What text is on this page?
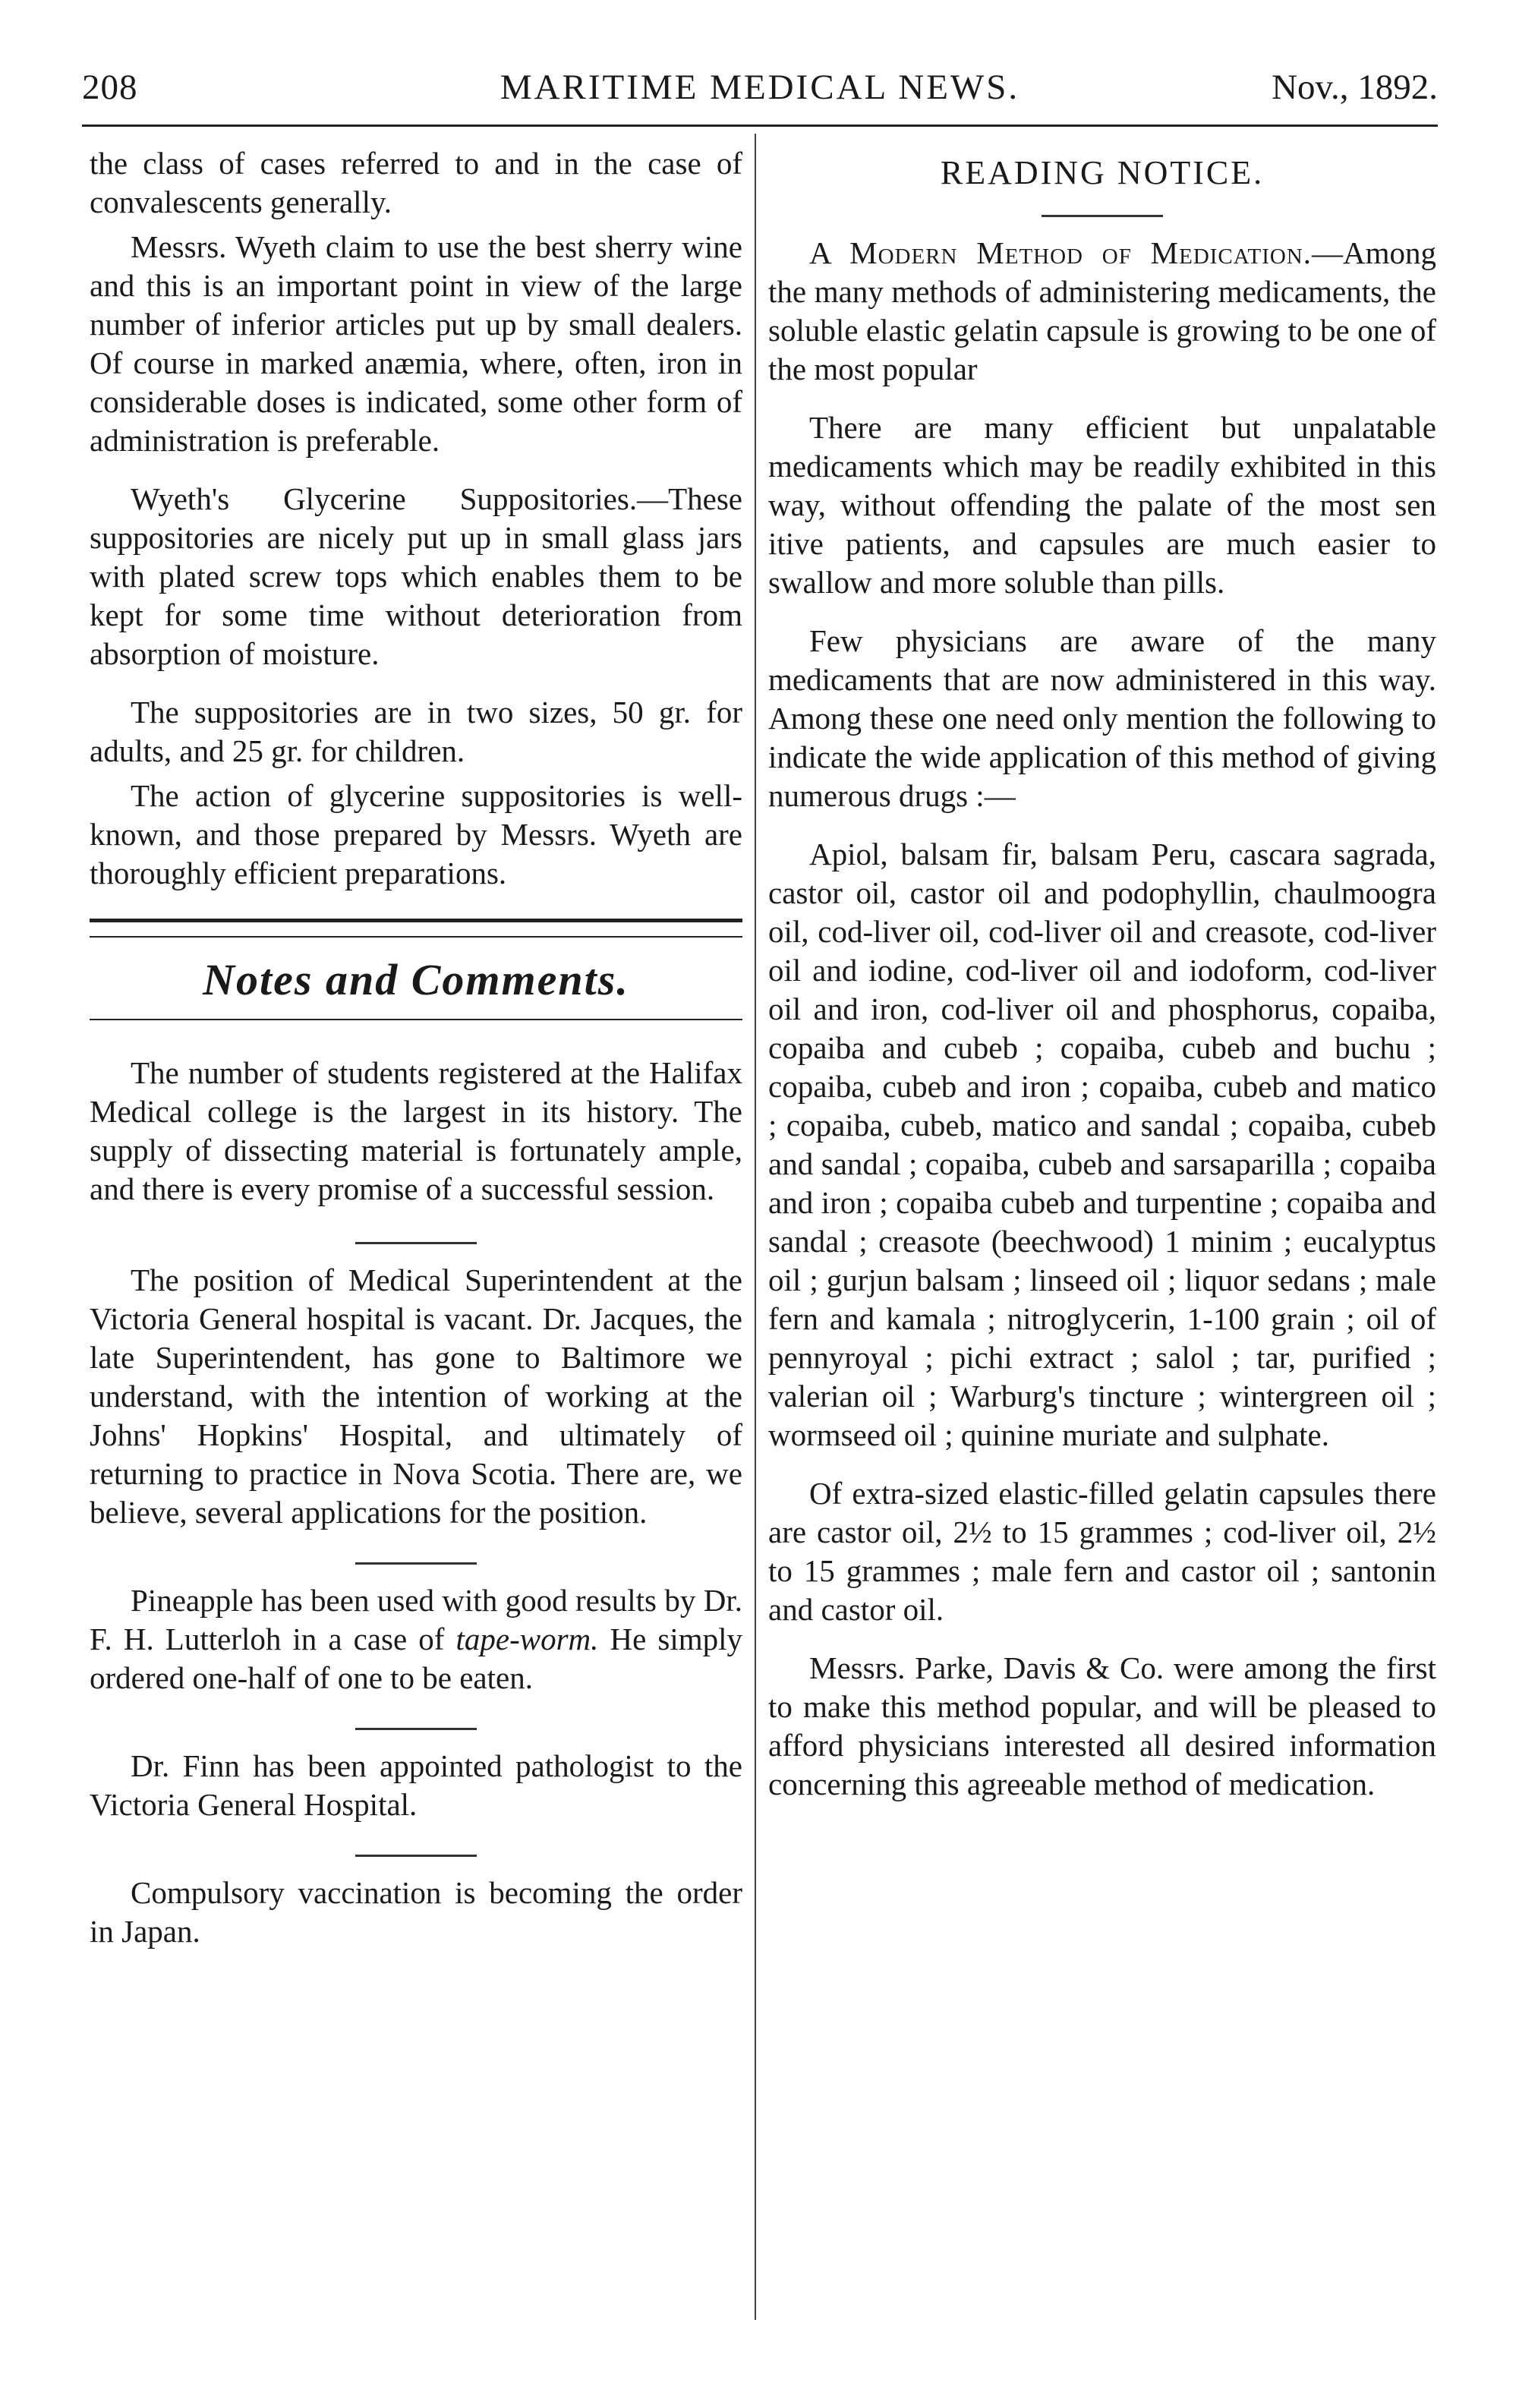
208	MARITIME MEDICAL NEWS.	Nov., 1892.

the class of cases referred to and in the case of convalescents generally.

Messrs. Wyeth claim to use the best sherry wine and this is an important point in view of the large number of inferior articles put up by small dealers. Of course in marked anæmia, where, often, iron in considerable doses is indicated, some other form of administration is preferable.

Wyeth's Glycerine Suppositories.—These suppositories are nicely put up in small glass jars with plated screw tops which enables them to be kept for some time without deterioration from absorption of moisture.

The suppositories are in two sizes, 50 gr. for adults, and 25 gr. for children.

The action of glycerine suppositories is well-known, and those prepared by Messrs. Wyeth are thoroughly efficient preparations.

Notes and Comments.

The number of students registered at the Halifax Medical college is the largest in its history. The supply of dissecting material is fortunately ample, and there is every promise of a successful session.

The position of Medical Superintendent at the Victoria General hospital is vacant. Dr. Jacques, the late Superintendent, has gone to Baltimore we understand, with the intention of working at the Johns' Hopkins' Hospital, and ultimately of returning to practice in Nova Scotia. There are, we believe, several applications for the position.

Pineapple has been used with good results by Dr. F. H. Lutterloh in a case of tape-worm. He simply ordered one-half of one to be eaten.

Dr. Finn has been appointed pathologist to the Victoria General Hospital.

Compulsory vaccination is becoming the order in Japan.

READING NOTICE.

A Modern Method of Medication.—Among the many methods of administering medicaments, the soluble elastic gelatin capsule is growing to be one of the most popular

There are many efficient but unpalatable medicaments which may be readily exhibited in this way, without offending the palate of the most sen itive patients, and capsules are much easier to swallow and more soluble than pills.

Few physicians are aware of the many medicaments that are now administered in this way. Among these one need only mention the following to indicate the wide application of this method of giving numerous drugs :—

Apiol, balsam fir, balsam Peru, cascara sagrada, castor oil, castor oil and podophyllin, chaulmoogra oil, cod-liver oil, cod-liver oil and creasote, cod-liver oil and iodine, cod-liver oil and iodoform, cod-liver oil and iron, cod-liver oil and phosphorus, copaiba, copaiba and cubeb ; copaiba, cubeb and buchu ; copaiba, cubeb and iron ; copaiba, cubeb and matico ; copaiba, cubeb, matico and sandal ; copaiba, cubeb and sandal ; copaiba, cubeb and sarsaparilla ; copaiba and iron ; copaiba cubeb and turpentine ; copaiba and sandal ; creasote (beechwood) 1 minim ; eucalyptus oil ; gurjun balsam ; linseed oil ; liquor sedans ; male fern and kamala ; nitroglycerin, 1-100 grain ; oil of pennyroyal ; pichi extract ; salol ; tar, purified ; valerian oil ; Warburg's tincture ; wintergreen oil ; wormseed oil ; quinine muriate and sulphate.

Of extra-sized elastic-filled gelatin capsules there are castor oil, 2½ to 15 grammes ; cod-liver oil, 2½ to 15 grammes ; male fern and castor oil ; santonin and castor oil.

Messrs. Parke, Davis & Co. were among the first to make this method popular, and will be pleased to afford physicians interested all desired information concerning this agreeable method of medication.
